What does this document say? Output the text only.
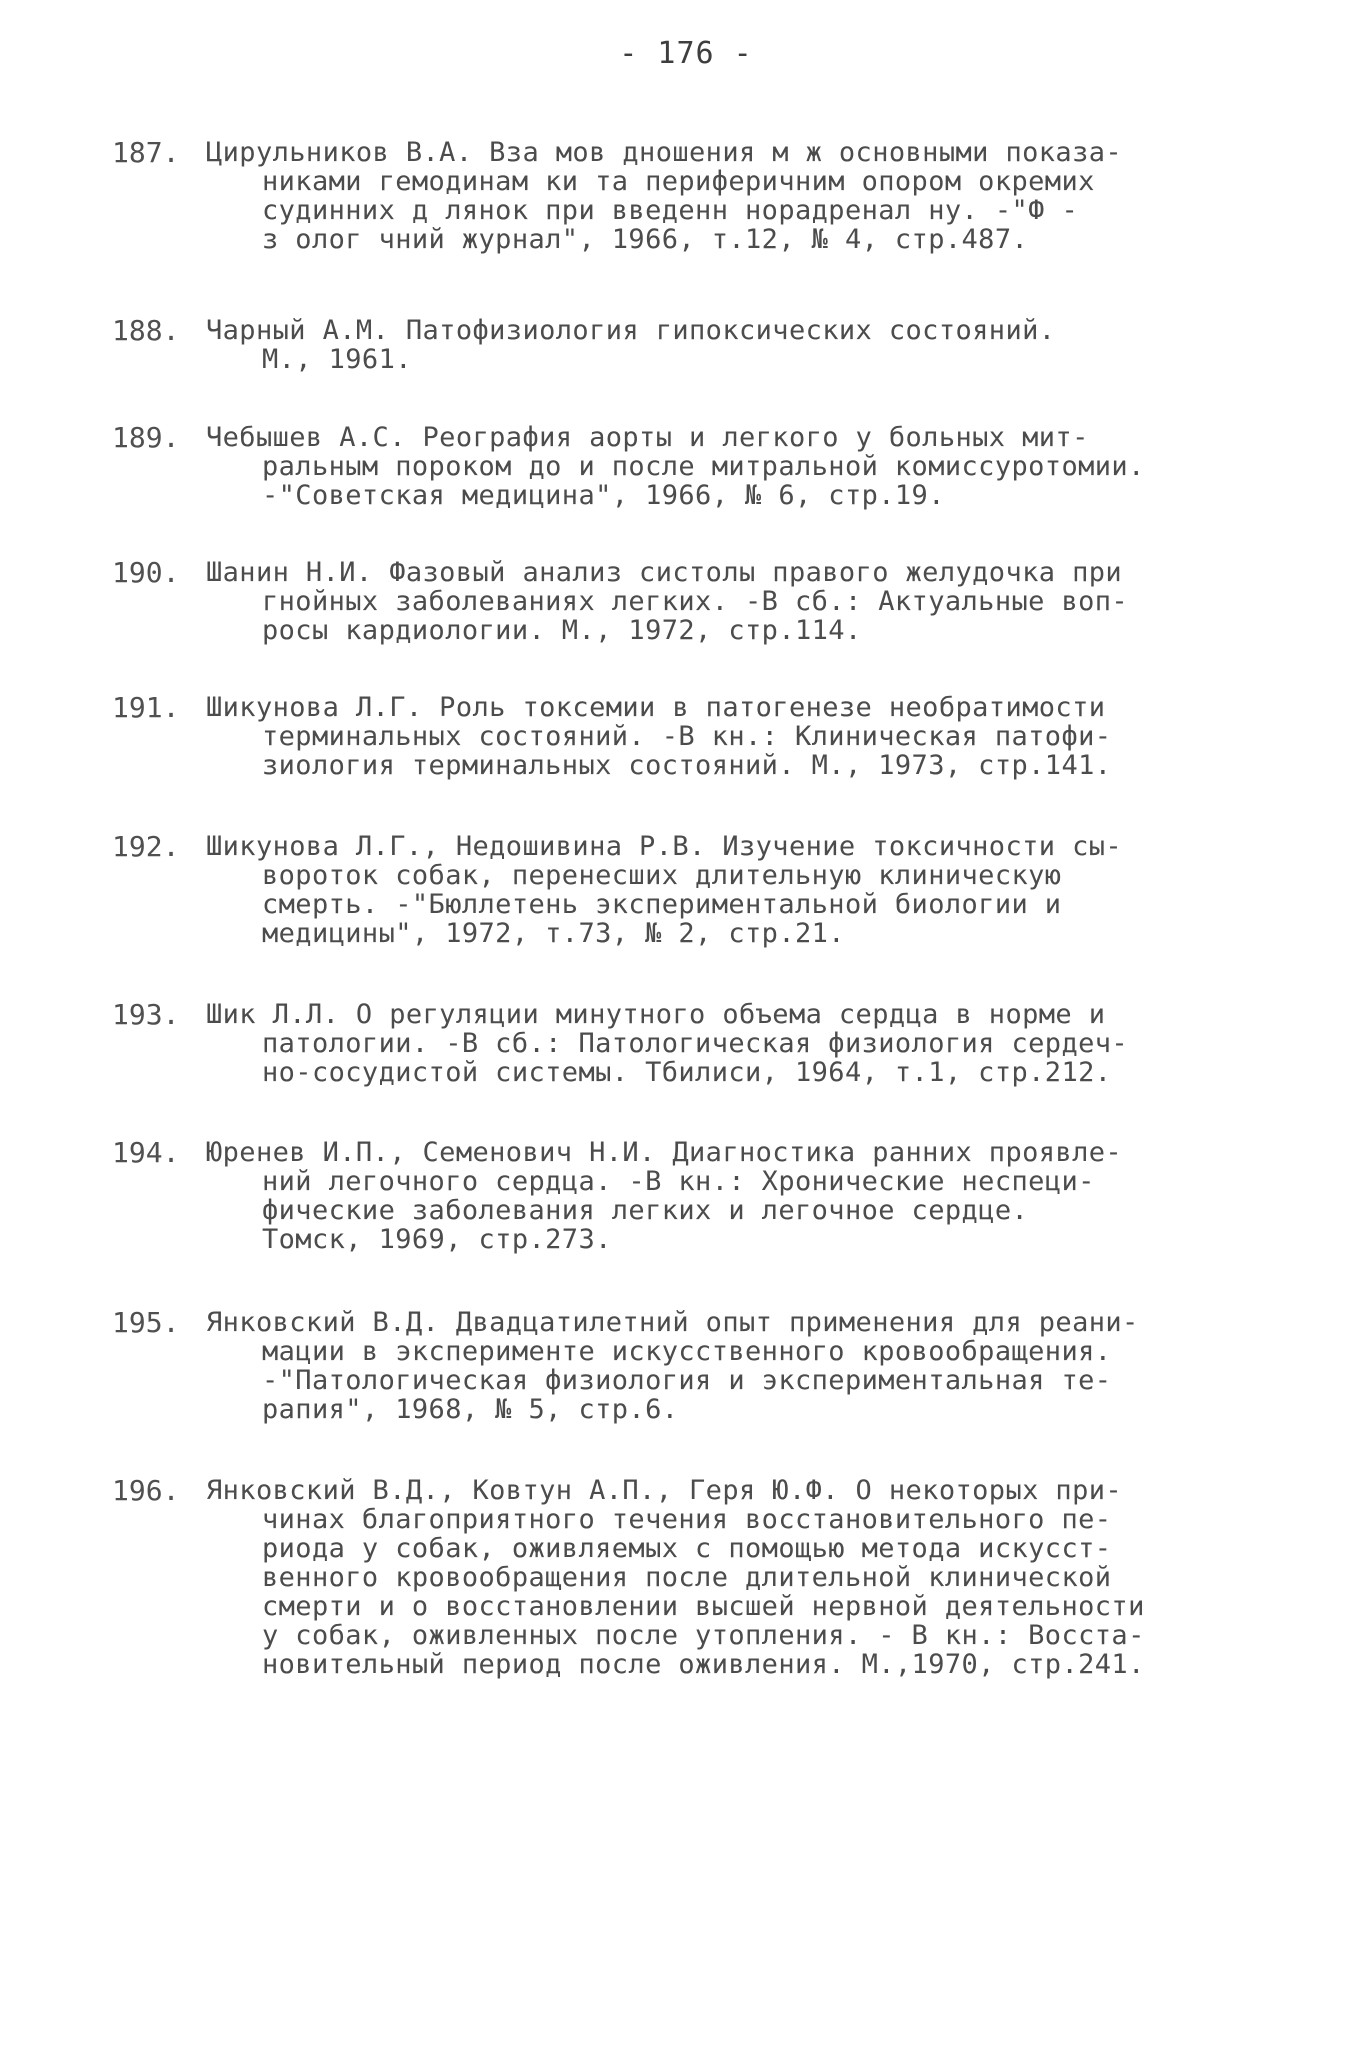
- 176 -
187. Цирульников В.А. Вза мов дношения м ж основными показа-
никами гемодинам ки та периферичним опором окремих
судинних д лянок при введенн норадренал ну. -"Ф -
з олог чний журнал", 1966, т.12, № 4, стр.487.
188. Чарный А.М. Патофизиология гипоксических состояний.
М., 1961.
189. Чебышев А.С. Реография аорты и легкого у больных мит-
ральным пороком до и после митральной комиссуротомии.
-"Советская медицина", 1966, № 6, стр.19.
190. Шанин Н.И. Фазовый анализ систолы правого желудочка при
гнойных заболеваниях легких. -В сб.: Актуальные воп-
росы кардиологии. М., 1972, стр.114.
191. Шикунова Л.Г. Роль токсемии в патогенезе необратимости
терминальных состояний. -В кн.: Клиническая патофи-
зиология терминальных состояний. М., 1973, стр.141.
192. Шикунова Л.Г., Недошивина Р.В. Изучение токсичности сы-
вороток собак, перенесших длительную клиническую
смерть. -"Бюллетень экспериментальной биологии и
медицины", 1972, т.73, № 2, стр.21.
193. Шик Л.Л. О регуляции минутного объема сердца в норме и
патологии. -В сб.: Патологическая физиология сердеч-
но-сосудистой системы. Тбилиси, 1964, т.1, стр.212.
194. Юренев И.П., Семенович Н.И. Диагностика ранних проявле-
ний легочного сердца. -В кн.: Хронические неспеци-
фические заболевания легких и легочное сердце.
Томск, 1969, стр.273.
195. Янковский В.Д. Двадцатилетний опыт применения для реани-
мации в эксперименте искусственного кровообращения.
-"Патологическая физиология и экспериментальная те-
рапия", 1968, № 5, стр.6.
196. Янковский В.Д., Ковтун А.П., Геря Ю.Ф. О некоторых при-
чинах благоприятного течения восстановительного пе-
риода у собак, оживляемых с помощью метода искусст-
венного кровообращения после длительной клинической
смерти и о восстановлении высшей нервной деятельности
у собак, оживленных после утопления. - В кн.: Восста-
новительный период после оживления. М.,1970, стр.241.
